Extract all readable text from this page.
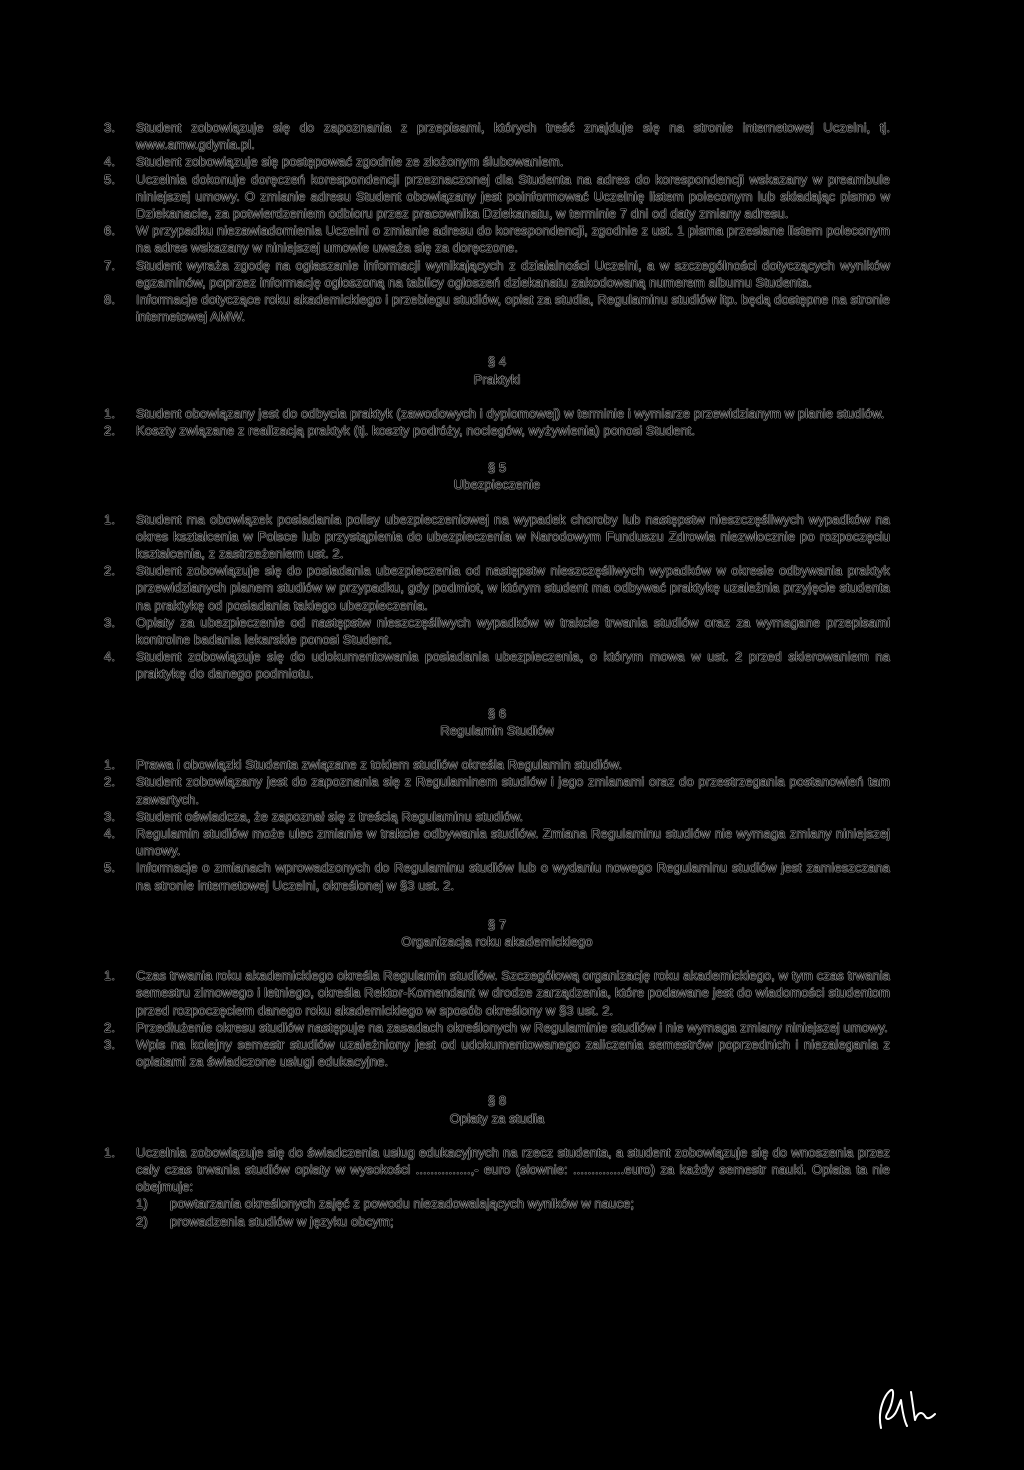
3.	Student zobowiązuje się do zapoznania z przepisami, których treść znajduje się na stronie internetowej Uczelni, tj. www.amw.gdynia.pl.
4.	Student zobowiązuje się postępować zgodnie ze złożonym ślubowaniem.
5.	Uczelnia dokonuje doręczeń korespondencji przeznaczonej dla Studenta na adres do korespondencji wskazany w preambule niniejszej umowy. O zmianie adresu Student obowiązany jest poinformować Uczelnię listem poleconym lub składając pismo w Dziekanacie, za potwierdzeniem odbioru przez pracownika Dziekanatu, w terminie 7 dni od daty zmiany adresu.
6.	W przypadku niezawiadomienia Uczelni o zmianie adresu do korespondencji, zgodnie z ust. 1 pisma przesłane listem poleconym na adres wskazany w niniejszej umowie uważa się za doręczone.
7.	Student wyraża zgodę na ogłaszanie informacji wynikających z działalności Uczelni, a w szczególności dotyczących wyników egzaminów, poprzez informację ogłoszoną na tablicy ogłoszeń dziekanatu zakodowaną numerem albumu Studenta.
8.	Informacje dotyczące roku akademickiego i przebiegu studiów, opłat za studia, Regulaminu studiów itp. będą dostępne na stronie internetowej AMW.
§ 4
Praktyki
1.	Student obowiązany jest do odbycia praktyk (zawodowych i dyplomowej) w terminie i wymiarze przewidzianym w planie studiów.
2.	Koszty związane z realizacją praktyk (tj. koszty podróży, noclegów, wyżywienia) ponosi Student.
§ 5
Ubezpieczenie
1.	Student ma obowiązek posiadania polisy ubezpieczeniowej na wypadek choroby lub następstw nieszczęśliwych wypadków na okres kształcenia w Polsce lub przystąpienia do ubezpieczenia w Narodowym Funduszu Zdrowia niezwłocznie po rozpoczęciu kształcenia, z zastrzeżeniem ust. 2.
2.	Student zobowiązuje się do posiadania ubezpieczenia od następstw nieszczęśliwych wypadków w okresie odbywania praktyk przewidzianych planem studiów w przypadku, gdy podmiot, w którym student ma odbywać praktykę uzależnia przyjęcie studenta na praktykę od posiadania takiego ubezpieczenia.
3.	Opłaty za ubezpieczenie od następstw nieszczęśliwych wypadków w trakcie trwania studiów oraz za wymagane przepisami kontrolne badania lekarskie ponosi Student.
4.	Student zobowiązuje się do udokumentowania posiadania ubezpieczenia, o którym mowa w ust. 2 przed skierowaniem na praktykę do danego podmiotu.
§ 6
Regulamin Studiów
1.	Prawa i obowiązki Studenta związane z tokiem studiów określa Regulamin studiów.
2.	Student zobowiązany jest do zapoznania się z Regulaminem studiów i jego zmianami oraz do przestrzegania postanowień tam zawartych.
3.	Student oświadcza, że zapoznał się z treścią Regulaminu studiów.
4.	Regulamin studiów może ulec zmianie w trakcie odbywania studiów. Zmiana Regulaminu studiów nie wymaga zmiany niniejszej umowy.
5.	Informacje o zmianach wprowadzonych do Regulaminu studiów lub o wydaniu nowego Regulaminu studiów jest zamieszczana na stronie internetowej Uczelni, określonej w §3 ust. 2.
§ 7
Organizacja roku akademickiego
1.	Czas trwania roku akademickiego określa Regulamin studiów. Szczegółową organizację roku akademickiego, w tym czas trwania semestru zimowego i letniego, określa Rektor-Komendant w drodze zarządzenia, które podawane jest do wiadomości studentom przed rozpoczęciem danego roku akademickiego w sposób określony w §3 ust. 2.
2.	Przedłużenie okresu studiów następuje na zasadach określonych w Regulaminie studiów i nie wymaga zmiany niniejszej umowy.
3.	Wpis na kolejny semestr studiów uzależniony jest od udokumentowanego zaliczenia semestrów poprzednich i niezalegania z opłatami za świadczone usługi edukacyjne.
§ 8
Opłaty za studia
1.	Uczelnia zobowiązuje się do świadczenia usług edukacyjnych na rzecz studenta, a student zobowiązuje się do wnoszenia przez cały czas trwania studiów opłaty w wysokości ...............,- euro (słownie: ..............euro) za każdy semestr nauki. Opłata ta nie obejmuje:
1)	powtarzania określonych zajęć z powodu niezadowalających wyników w nauce;
2)	prowadzenia studiów w języku obcym;
